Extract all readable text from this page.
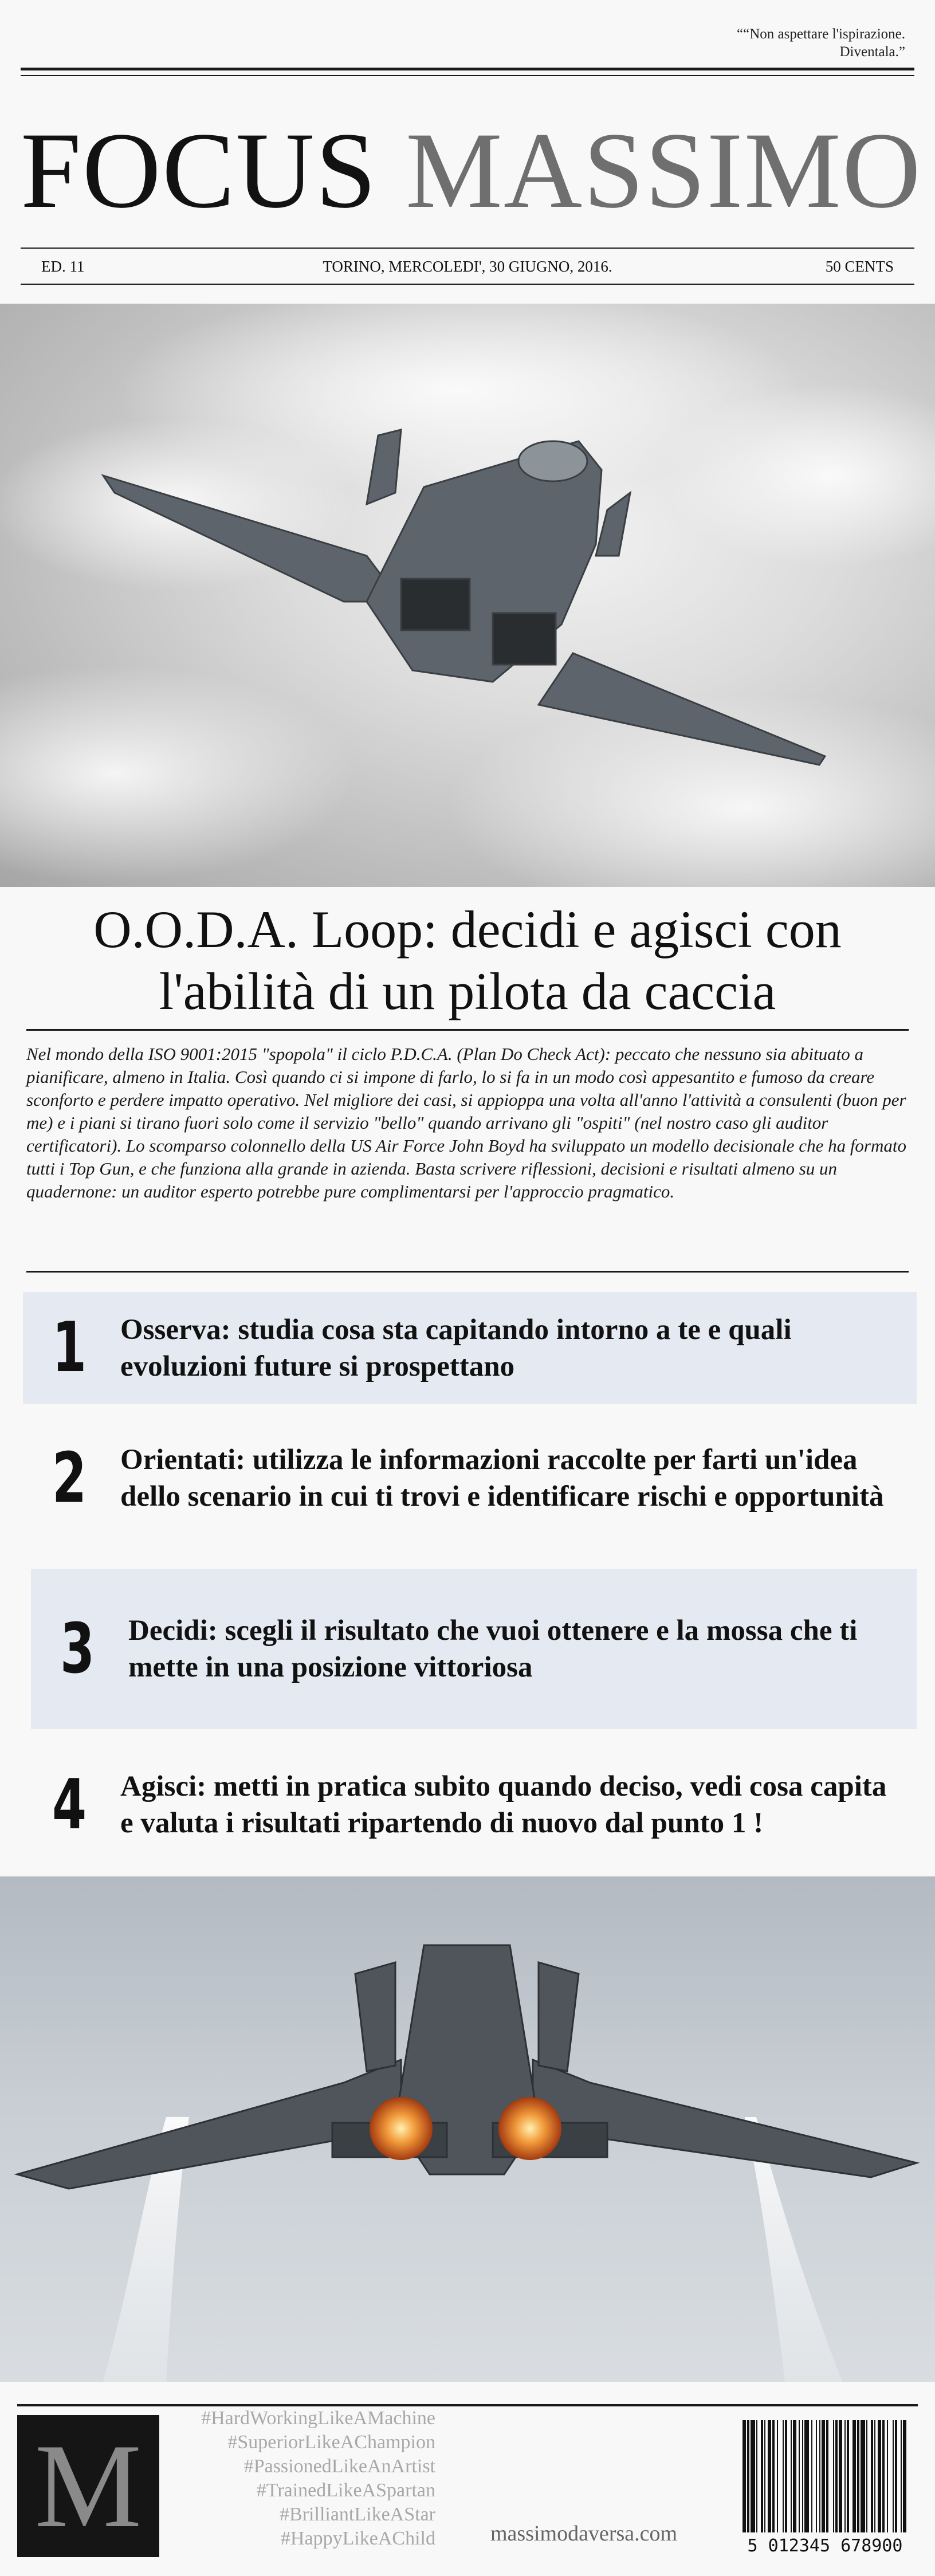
““Non aspettare l'ispirazione.
Diventala.”
FOCUS MASSIMO
ED. 11	TORINO, MERCOLEDI', 30 GIUGNO, 2016.	50 CENTS
O.O.D.A. Loop: decidi e agisci con
l'abilità di un pilota da caccia
Nel mondo della ISO 9001:2015 "spopola" il ciclo P.D.C.A. (Plan Do Check Act): peccato che nessuno sia abituato a pianificare, almeno in Italia. Così quando ci si impone di farlo, lo si fa in un modo così appesantito e fumoso da creare sconforto e perdere impatto operativo. Nel migliore dei casi, si appioppa una volta all'anno l'attività a consulenti (buon per me) e i piani si tirano fuori solo come il servizio "bello" quando arrivano gli "ospiti" (nel nostro caso gli auditor certificatori). Lo scomparso colonnello della US Air Force John Boyd ha sviluppato un modello decisionale che ha formato tutti i Top Gun, e che funziona alla grande in azienda. Basta scrivere riflessioni, decisioni e risultati almeno su un quadernone: un auditor esperto potrebbe pure complimentarsi per l'approccio pragmatico.
1 Osserva: studia cosa sta capitando intorno a te e quali evoluzioni future si prospettano
2 Orientati: utilizza le informazioni raccolte per farti un'idea dello scenario in cui ti trovi e identificare rischi e opportunità
3 Decidi: scegli il risultato che vuoi ottenere e la mossa che ti mette in una posizione vittoriosa
4 Agisci: metti in pratica subito quando deciso, vedi cosa capita e valuta i risultati ripartendo di nuovo dal punto 1 !
M
#HardWorkingLikeAMachine
#SuperiorLikeAChampion
#PassionedLikeAnArtist
#TrainedLikeASpartan
#BrilliantLikeAStar
#HappyLikeAChild	massimodaversa.com
5 012345 678900
